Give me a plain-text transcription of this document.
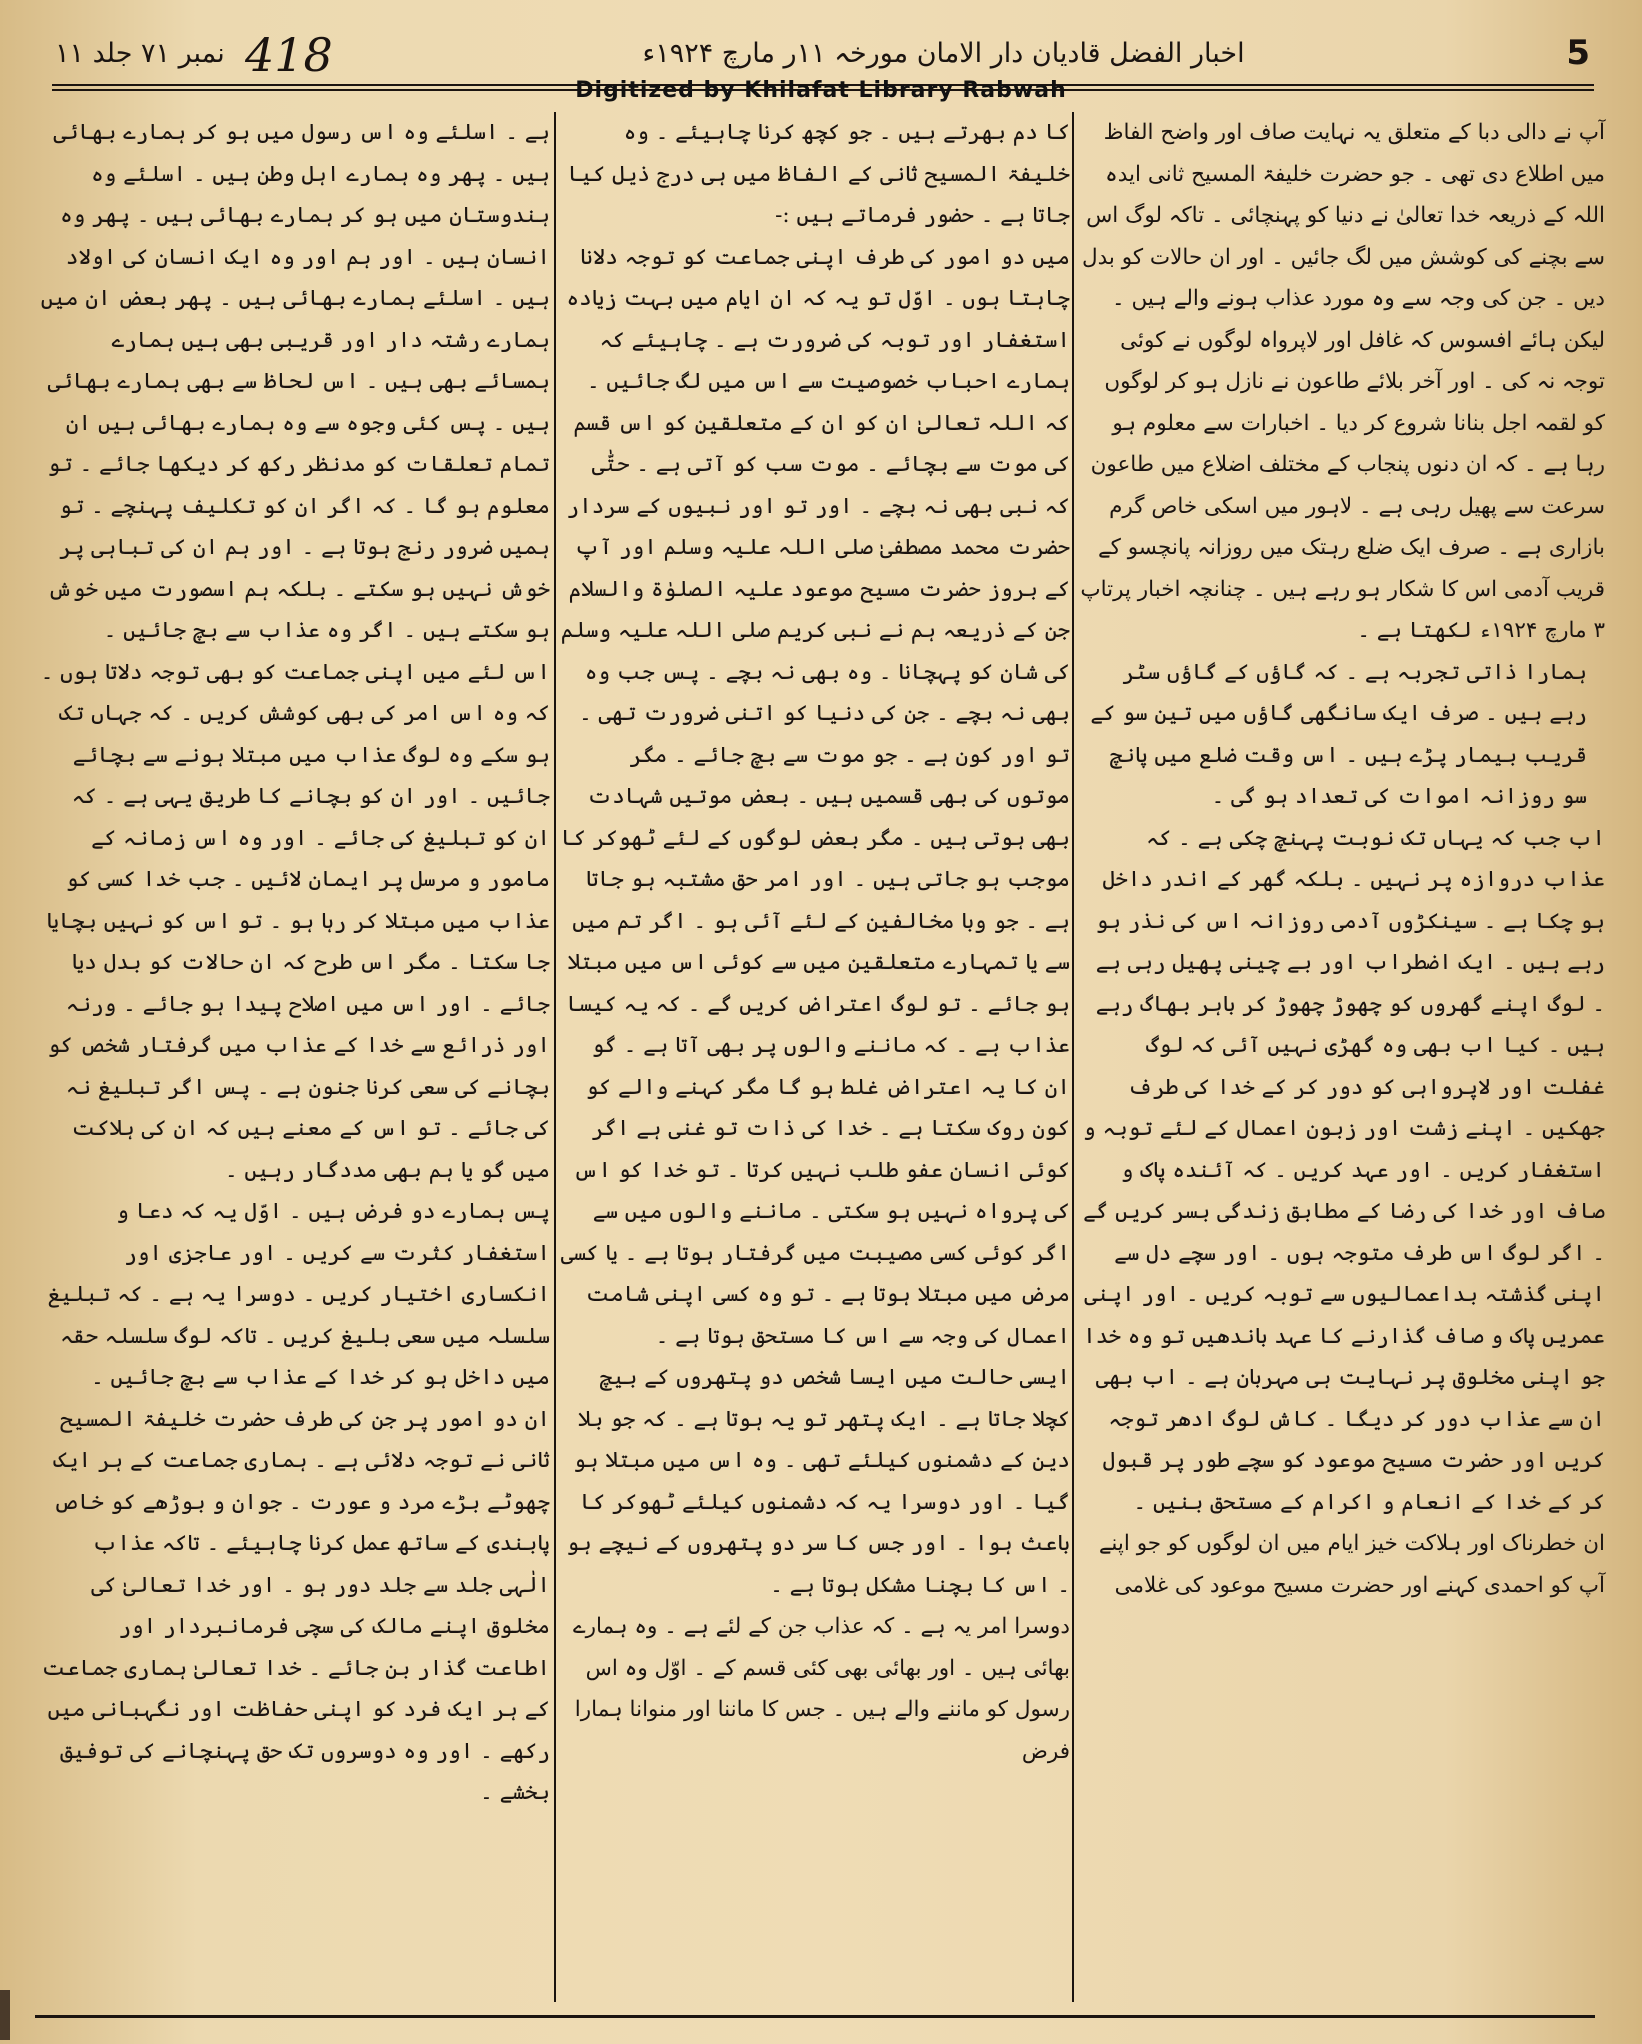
نمبر ۷۱ جلد ۱۱ 418	اخبار الفضل قادیان دار الامان مورخہ ۱۱ر مارچ ۱۹۲۴ء	5
Digitized by Khilafat Library Rabwah

آپ نے دالی دبا کے متعلق یہ نہایت صاف اور واضح الفاظ میں اطلاع دی تھی ۔ جو حضرت خلیفۃ المسیح ثانی ایدہ اللہ کے ذریعہ خدا تعالیٰ نے دنیا کو پہنچائی ۔ تاکہ لوگ اس سے بچنے کی کوشش میں لگ جائیں ۔ اور ان حالات کو بدل دیں ۔ جن کی وجہ سے وہ مورد عذاب ہونے والے ہیں ۔ لیکن ہائے افسوس کہ غافل اور لاپرواہ لوگوں نے کوئی توجہ نہ کی ۔ اور آخر بلائے طاعون نے نازل ہو کر لوگوں کو لقمہ اجل بنانا شروع کر دیا ۔ اخبارات سے معلوم ہو رہا ہے ۔ کہ ان دنوں پنجاب کے مختلف اضلاع میں طاعون سرعت سے پھیل رہی ہے ۔ لاہور میں اسکی خاص گرم بازاری ہے ۔ صرف ایک ضلع رہتک میں روزانہ پانچسو کے قریب آدمی اس کا شکار ہو رہے ہیں ۔ چنانچہ اخبار پرتاپ ۳ مارچ ۱۹۲۴ء لکھتا ہے ۔

ہمارا ذاتی تجربہ ہے ۔ کہ گاؤں کے گاؤں سٹر رہے ہیں ۔ صرف ایک سانگھی گاؤں میں تین سو کے قریب بیمار پڑے ہیں ۔ اس وقت ضلع میں پانچ سو روزانہ اموات کی تعداد ہو گی ۔

اب جب کہ یہاں تک نوبت پہنچ چکی ہے ۔ کہ عذاب دروازہ پر نہیں ۔ بلکہ گھر کے اندر داخل ہو چکا ہے ۔ سینکڑوں آدمی روزانہ اس کی نذر ہو رہے ہیں ۔ ایک اضطراب اور بے چینی پھیل رہی ہے ۔ لوگ اپنے گھروں کو چھوڑ چھوڑ کر باہر بھاگ رہے ہیں ۔ کیا اب بھی وہ گھڑی نہیں آئی کہ لوگ غفلت اور لاپرواہی کو دور کر کے خدا کی طرف جھکیں ۔ اپنے زشت اور زبون اعمال کے لئے توبہ و استغفار کریں ۔ اور عہد کریں ۔ کہ آئندہ پاک و صاف اور خدا کی رضا کے مطابق زندگی بسر کریں گے ۔ اگر لوگ اس طرف متوجہ ہوں ۔ اور سچے دل سے اپنی گذشتہ بداعمالیوں سے توبہ کریں ۔ اور اپنی عمریں پاک و صاف گذارنے کا عہد باندھیں تو وہ خدا جو اپنی مخلوق پر نہایت ہی مہربان ہے ۔ اب بھی ان سے عذاب دور کر دیگا ۔ کاش لوگ ادھر توجہ کریں اور حضرت مسیح موعود کو سچے طور پر قبول کر کے خدا کے انعام و اکرام کے مستحق بنیں ۔

ان خطرناک اور ہلاکت خیز ایام میں ان لوگوں کو جو اپنے آپ کو احمدی کہنے اور حضرت مسیح موعود کی غلامی

کا دم بھرتے ہیں ۔ جو کچھ کرنا چاہیئے ۔ وہ خلیفۃ المسیح ثانی کے الفاظ میں ہی درج ذیل کیا جاتا ہے ۔ حضور فرماتے ہیں :-

میں دو امور کی طرف اپنی جماعت کو توجہ دلانا چاہتا ہوں ۔ اوّل تو یہ کہ ان ایام میں بہت زیادہ استغفار اور توبہ کی ضرورت ہے ۔ چاہیئے کہ ہمارے احباب خصوصیت سے اس میں لگ جائیں ۔ کہ اللہ تعالیٰ ان کو ان کے متعلقین کو اس قسم کی موت سے بچائے ۔ موت سب کو آتی ہے ۔ حتّٰی کہ نبی بھی نہ بچے ۔ اور تو اور نبیوں کے سردار حضرت محمد مصطفیٰ صلی اللہ علیہ وسلم اور آپ کے بروز حضرت مسیح موعود علیہ الصلوٰۃ والسلام جن کے ذریعہ ہم نے نبی کریم صلی اللہ علیہ وسلم کی شان کو پہچانا ۔ وہ بھی نہ بچے ۔ پس جب وہ بھی نہ بچے ۔ جن کی دنیا کو اتنی ضرورت تھی ۔ تو اور کون ہے ۔ جو موت سے بچ جائے ۔ مگر موتوں کی بھی قسمیں ہیں ۔ بعض موتیں شہادت بھی ہوتی ہیں ۔ مگر بعض لوگوں کے لئے ٹھوکر کا موجب ہو جاتی ہیں ۔ اور امر حق مشتبہ ہو جاتا ہے ۔ جو وبا مخالفین کے لئے آئی ہو ۔ اگر تم میں سے یا تمہارے متعلقین میں سے کوئی اس میں مبتلا ہو جائے ۔ تو لوگ اعتراض کریں گے ۔ کہ یہ کیسا عذاب ہے ۔ کہ ماننے والوں پر بھی آتا ہے ۔ گو ان کا یہ اعتراض غلط ہو گا مگر کہنے والے کو کون روک سکتا ہے ۔ خدا کی ذات تو غنی ہے اگر کوئی انسان عفو طلب نہیں کرتا ۔ تو خدا کو اس کی پرواہ نہیں ہو سکتی ۔ ماننے والوں میں سے اگر کوئی کسی مصیبت میں گرفتار ہوتا ہے ۔ یا کسی مرض میں مبتلا ہوتا ہے ۔ تو وہ کسی اپنی شامت اعمال کی وجہ سے اس کا مستحق ہوتا ہے ۔

ایسی حالت میں ایسا شخص دو پتھروں کے بیچ کچلا جاتا ہے ۔ ایک پتھر تو یہ ہوتا ہے ۔ کہ جو بلا دین کے دشمنوں کیلئے تھی ۔ وہ اس میں مبتلا ہو گیا ۔ اور دوسرا یہ کہ دشمنوں کیلئے ٹھوکر کا باعث ہوا ۔ اور جس کا سر دو پتھروں کے نیچے ہو ۔ اس کا بچنا مشکل ہوتا ہے ۔

دوسرا امر یہ ہے ۔ کہ عذاب جن کے لئے ہے ۔ وہ ہمارے بھائی ہیں ۔ اور بھائی بھی کئی قسم کے ۔ اوّل وہ اس رسول کو ماننے والے ہیں ۔ جس کا ماننا اور منوانا ہمارا فرض

ہے ۔ اسلئے وہ اس رسول میں ہو کر ہمارے بھائی ہیں ۔ پھر وہ ہمارے اہل وطن ہیں ۔ اسلئے وہ ہندوستان میں ہو کر ہمارے بھائی ہیں ۔ پھر وہ انسان ہیں ۔ اور ہم اور وہ ایک انسان کی اولاد ہیں ۔ اسلئے ہمارے بھائی ہیں ۔ پھر بعض ان میں ہمارے رشتہ دار اور قریبی بھی ہیں ہمارے ہمسائے بھی ہیں ۔ اس لحاظ سے بھی ہمارے بھائی ہیں ۔ پس کئی وجوہ سے وہ ہمارے بھائی ہیں ان تمام تعلقات کو مدنظر رکھ کر دیکھا جائے ۔ تو معلوم ہو گا ۔ کہ اگر ان کو تکلیف پہنچے ۔ تو ہمیں ضرور رنج ہوتا ہے ۔ اور ہم ان کی تباہی پر خوش نہیں ہو سکتے ۔ بلکہ ہم اسصورت میں خوش ہو سکتے ہیں ۔ اگر وہ عذاب سے بچ جائیں ۔

اس لئے میں اپنی جماعت کو بھی توجہ دلاتا ہوں ۔ کہ وہ اس امر کی بھی کوشش کریں ۔ کہ جہاں تک ہو سکے وہ لوگ عذاب میں مبتلا ہونے سے بچائے جائیں ۔ اور ان کو بچانے کا طریق یہی ہے ۔ کہ ان کو تبلیغ کی جائے ۔ اور وہ اس زمانہ کے مامور و مرسل پر ایمان لائیں ۔ جب خدا کسی کو عذاب میں مبتلا کر رہا ہو ۔ تو اس کو نہیں بچایا جا سکتا ۔ مگر اس طرح کہ ان حالات کو بدل دیا جائے ۔ اور اس میں اصلاح پیدا ہو جائے ۔ ورنہ اور ذرائع سے خدا کے عذاب میں گرفتار شخص کو بچانے کی سعی کرنا جنون ہے ۔ پس اگر تبلیغ نہ کی جائے ۔ تو اس کے معنے ہیں کہ ان کی ہلاکت میں گو یا ہم بھی مددگار رہیں ۔

پس ہمارے دو فرض ہیں ۔ اوّل یہ کہ دعا و استغفار کثرت سے کریں ۔ اور عاجزی اور انکساری اختیار کریں ۔ دوسرا یہ ہے ۔ کہ تبلیغ سلسلہ میں سعی بلیغ کریں ۔ تاکہ لوگ سلسلہ حقہ میں داخل ہو کر خدا کے عذاب سے بچ جائیں ۔

ان دو امور پر جن کی طرف حضرت خلیفۃ المسیح ثانی نے توجہ دلائی ہے ۔ ہماری جماعت کے ہر ایک چھوٹے بڑے مرد و عورت ۔ جوان و بوڑھے کو خاص پابندی کے ساتھ عمل کرنا چاہیئے ۔ تاکہ عذاب الٰہی جلد سے جلد دور ہو ۔ اور خدا تعالیٰ کی مخلوق اپنے مالک کی سچی فرمانبردار اور اطاعت گذار بن جائے ۔ خدا تعالیٰ ہماری جماعت کے ہر ایک فرد کو اپنی حفاظت اور نگہبانی میں رکھے ۔ اور وہ دوسروں تک حق پہنچانے کی توفیق بخشے ۔
